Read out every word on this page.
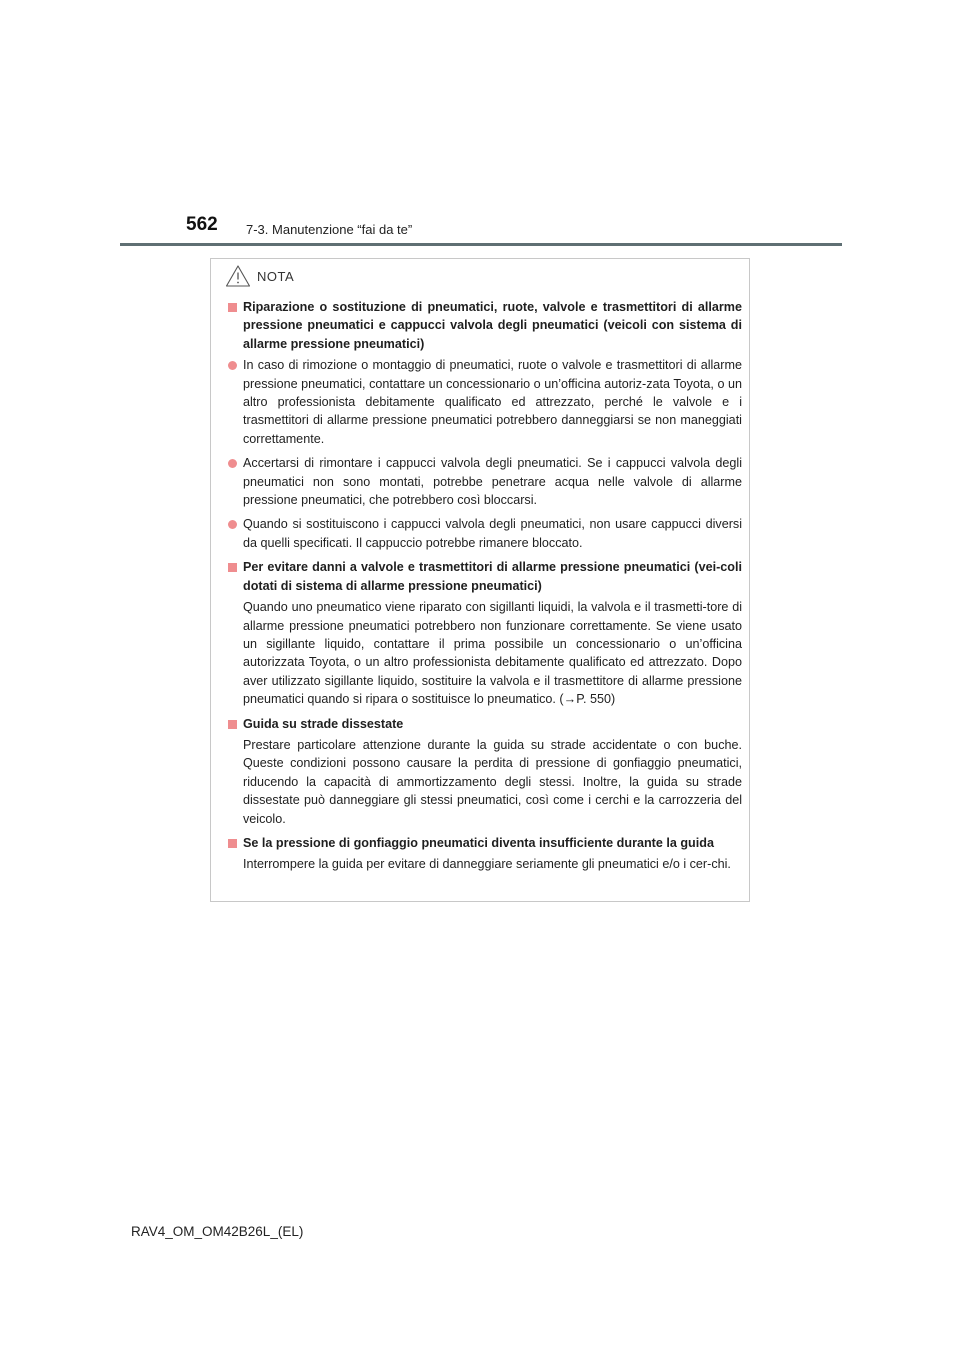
562 7-3. Manutenzione “fai da te”
NOTA
Riparazione o sostituzione di pneumatici, ruote, valvole e trasmettitori di allarme pressione pneumatici e cappucci valvola degli pneumatici (veicoli con sistema di allarme pressione pneumatici)
In caso di rimozione o montaggio di pneumatici, ruote o valvole e trasmettitori di allarme pressione pneumatici, contattare un concessionario o un’officina autoriz-zata Toyota, o un altro professionista debitamente qualificato ed attrezzato, perché le valvole e i trasmettitori di allarme pressione pneumatici potrebbero danneggiarsi se non maneggiati correttamente.
Accertarsi di rimontare i cappucci valvola degli pneumatici. Se i cappucci valvola degli pneumatici non sono montati, potrebbe penetrare acqua nelle valvole di allarme pressione pneumatici, che potrebbero così bloccarsi.
Quando si sostituiscono i cappucci valvola degli pneumatici, non usare cappucci diversi da quelli specificati. Il cappuccio potrebbe rimanere bloccato.
Per evitare danni a valvole e trasmettitori di allarme pressione pneumatici (vei-coli dotati di sistema di allarme pressione pneumatici)
Quando uno pneumatico viene riparato con sigillanti liquidi, la valvola e il trasmetti-tore di allarme pressione pneumatici potrebbero non funzionare correttamente. Se viene usato un sigillante liquido, contattare il prima possibile un concessionario o un’officina autorizzata Toyota, o un altro professionista debitamente qualificato ed attrezzato. Dopo aver utilizzato sigillante liquido, sostituire la valvola e il trasmettitore di allarme pressione pneumatici quando si ripara o sostituisce lo pneumatico. (→P. 550)
Guida su strade dissestate
Prestare particolare attenzione durante la guida su strade accidentate o con buche. Queste condizioni possono causare la perdita di pressione di gonfiaggio pneumatici, riducendo la capacità di ammortizzamento degli stessi. Inoltre, la guida su strade dissestate può danneggiare gli stessi pneumatici, così come i cerchi e la carrozzeria del veicolo.
Se la pressione di gonfiaggio pneumatici diventa insufficiente durante la guida
Interrompere la guida per evitare di danneggiare seriamente gli pneumatici e/o i cer-chi.
RAV4_OM_OM42B26L_(EL)
